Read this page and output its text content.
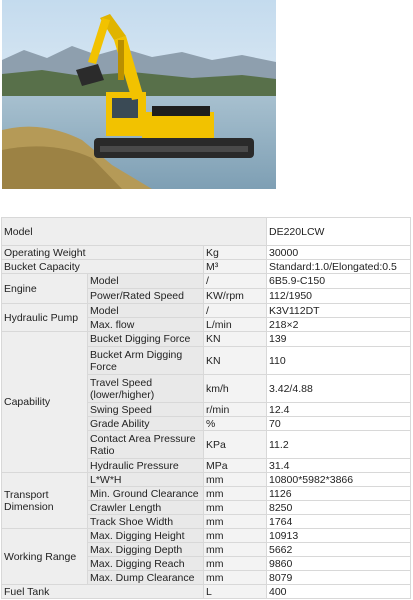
Model			DE220LCW
Operating Weight		Kg	30000
Bucket Capacity		M³	Standard:1.0/Elongated:0.5
Engine	Model	/	6B5.9-C150
	Power/Rated Speed	KW/rpm	112/1950
Hydraulic Pump	Model	/	K3V112DT
	Max. flow	L/min	218×2
Capability	Bucket Digging Force	KN	139
	Bucket Arm Digging Force	KN	110
	Travel Speed (lower/higher)	km/h	3.42/4.88
	Swing Speed	r/min	12.4
	Grade Ability	%	70
	Contact Area Pressure Ratio	KPa	11.2
	Hydraulic Pressure	MPa	31.4
Transport Dimension	L*W*H	mm	10800*5982*3866
	Min. Ground Clearance	mm	1126
	Crawler Length	mm	8250
	Track Shoe Width	mm	1764
Working Range	Max. Digging Height	mm	10913
	Max. Digging Depth	mm	5662
	Max. Digging Reach	mm	9860
	Max. Dump Clearance	mm	8079
Fuel Tank		L	400
